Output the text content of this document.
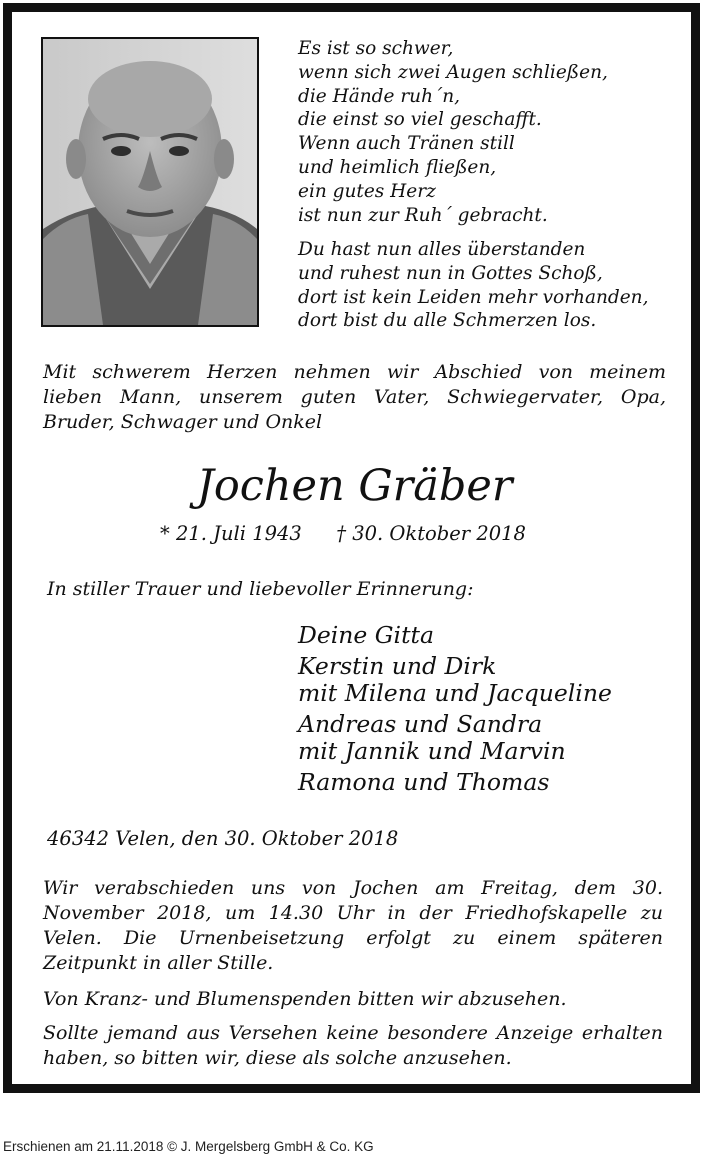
Es ist so schwer,
wenn sich zwei Augen schließen,
die Hände ruh´n,
die einst so viel geschafft.
Wenn auch Tränen still
und heimlich fließen,
ein gutes Herz
ist nun zur Ruh´ gebracht.
Du hast nun alles überstanden
und ruhest nun in Gottes Schoß,
dort ist kein Leiden mehr vorhanden,
dort bist du alle Schmerzen los.
Mit schwerem Herzen nehmen wir Abschied von meinem
lieben Mann, unserem guten Vater, Schwiegervater, Opa,
Bruder, Schwager und Onkel
Jochen Gräber
* 21. Juli 1943 † 30. Oktober 2018
In stiller Trauer und liebevoller Erinnerung:
Deine Gitta
Kerstin und Dirk
mit Milena und Jacqueline
Andreas und Sandra
mit Jannik und Marvin
Ramona und Thomas
46342 Velen, den 30. Oktober 2018
Wir verabschieden uns von Jochen am Freitag, dem 30.
November 2018, um 14.30 Uhr in der Friedhofskapelle zu
Velen. Die Urnenbeisetzung erfolgt zu einem späteren
Zeitpunkt in aller Stille.
Von Kranz- und Blumenspenden bitten wir abzusehen.
Sollte jemand aus Versehen keine besondere Anzeige erhalten
haben, so bitten wir, diese als solche anzusehen.
Erschienen am 21.11.2018 © J. Mergelsberg GmbH & Co. KG
